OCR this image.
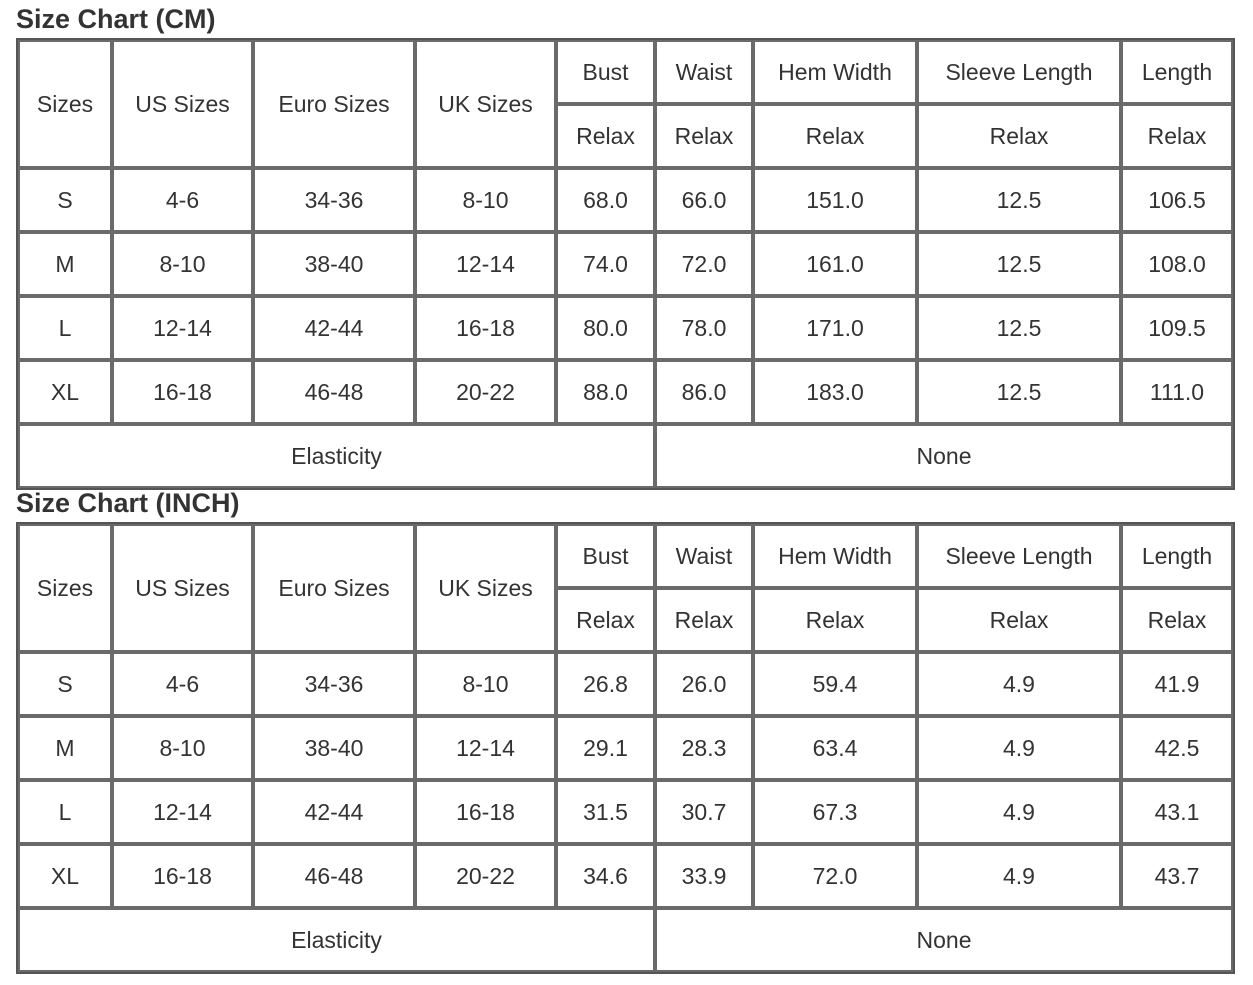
Size Chart (CM)
Sizes	US Sizes	Euro Sizes	UK Sizes	Bust	Waist	Hem Width	Sleeve Length	Length
				Relax	Relax	Relax	Relax	Relax
S	4-6	34-36	8-10	68.0	66.0	151.0	12.5	106.5
M	8-10	38-40	12-14	74.0	72.0	161.0	12.5	108.0
L	12-14	42-44	16-18	80.0	78.0	171.0	12.5	109.5
XL	16-18	46-48	20-22	88.0	86.0	183.0	12.5	111.0
Elasticity					None			
Size Chart (INCH)
Sizes	US Sizes	Euro Sizes	UK Sizes	Bust	Waist	Hem Width	Sleeve Length	Length
				Relax	Relax	Relax	Relax	Relax
S	4-6	34-36	8-10	26.8	26.0	59.4	4.9	41.9
M	8-10	38-40	12-14	29.1	28.3	63.4	4.9	42.5
L	12-14	42-44	16-18	31.5	30.7	67.3	4.9	43.1
XL	16-18	46-48	20-22	34.6	33.9	72.0	4.9	43.7
Elasticity					None			
